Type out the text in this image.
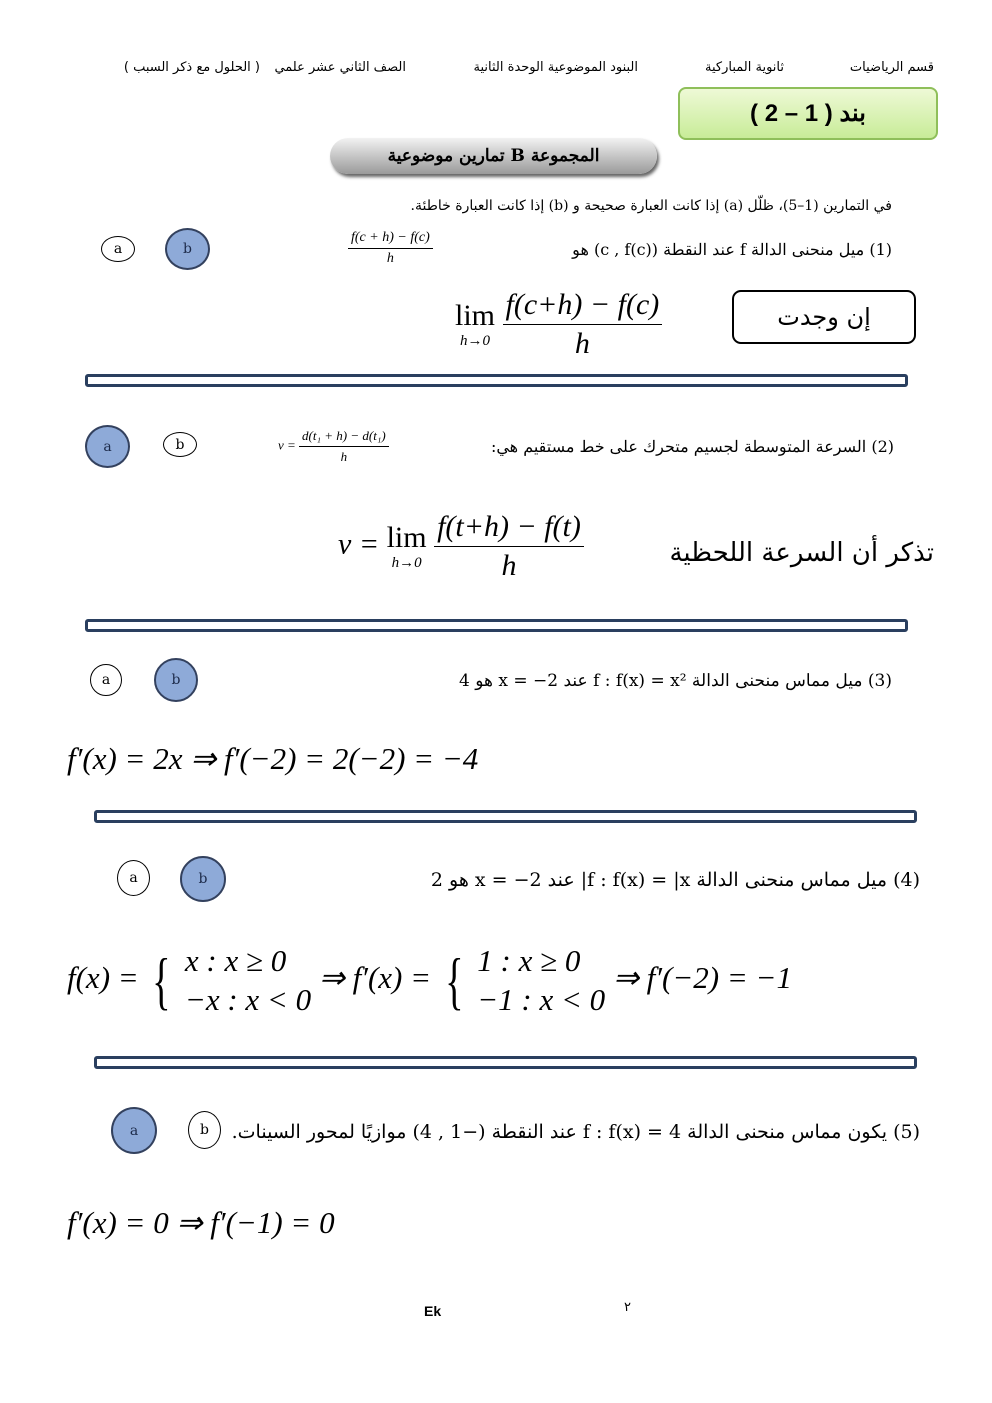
قسم الرياضيات
ثانوية المباركية
البنود الموضوعية الوحدة الثانية
الصف الثاني عشر علمي
( الحلول مع ذكر السبب )
بند ( 1 – 2 )
المجموعة B تمارين موضوعية
في التمارين (1–5)، ظلّل (a) إذا كانت العبارة صحيحة و (b) إذا كانت العبارة خاطئة.
a	b	(1) ميل منحنى الدالة f عند النقطة (c , f(c)) هو
$\frac{f(c + h) - f(c)}{h}$
lim
h→0
$\frac{f(c+h) - f(c)}{h}$	إن وجدت
a	b	(2) السرعة المتوسطة لجسيم متحرك على خط مستقيم هي:
$v = \frac{\text{d(t₁ + h) − d(t₁)}}{h}$
v = lim
h→0
$\frac{f(t+h) - f(t)}{h}$	تذكر أن السرعة اللحظية
a	b	(3) ميل مماس منحنى الدالة f : f(x) = x² عند x = −2 هو 4
f′(x) = 2x ⇒ f′(−2) = 2(−2) = −4
a	b	(4) ميل مماس منحنى الدالة f : f(x) = |x| عند x = −2 هو 2
f(x) = { x : x ≥ 0
−x : x < 0
⇒ f′(x) = { 1 : x ≥ 0
−1 : x < 0
⇒ f′(−2) = −1
a	b	(5) يكون مماس منحنى الدالة f : f(x) = 4 عند النقطة (−1 , 4) موازيًا لمحور السينات.
f′(x) = 0 ⇒ f′(−1) = 0
Ek	٢
